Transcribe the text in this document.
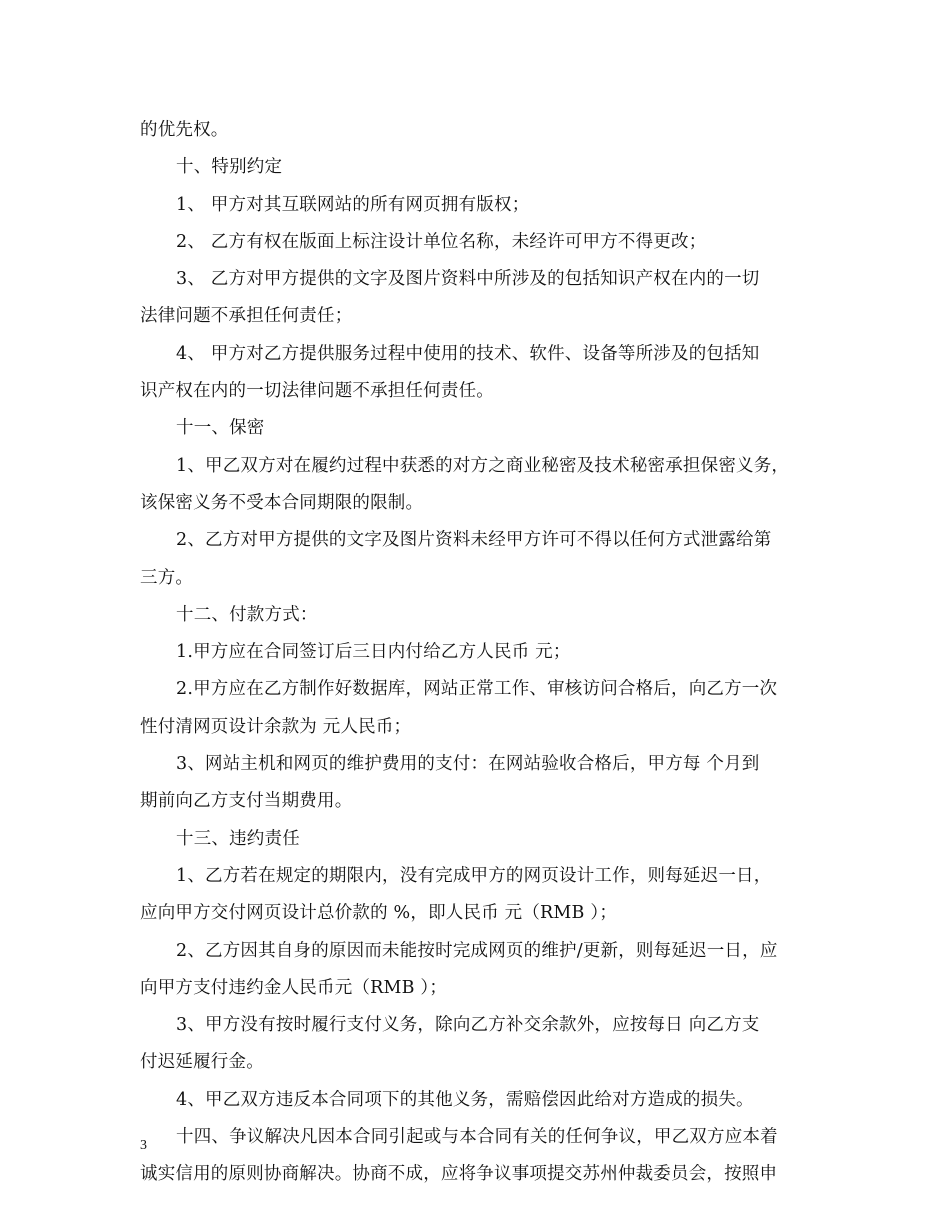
的优先权。
十、特别约定
1、 甲方对其互联网站的所有网页拥有版权；
2、 乙方有权在版面上标注设计单位名称，未经许可甲方不得更改；
3、 乙方对甲方提供的文字及图片资料中所涉及的包括知识产权在内的一切
法律问题不承担任何责任；
4、 甲方对乙方提供服务过程中使用的技术、软件、设备等所涉及的包括知
识产权在内的一切法律问题不承担任何责任。
十一、保密
1、甲乙双方对在履约过程中获悉的对方之商业秘密及技术秘密承担保密义务，
该保密义务不受本合同期限的限制。
2、乙方对甲方提供的文字及图片资料未经甲方许可不得以任何方式泄露给第
三方。
十二、付款方式：
1.甲方应在合同签订后三日内付给乙方人民币 元；
2.甲方应在乙方制作好数据库，网站正常工作、审核访问合格后，向乙方一次
性付清网页设计余款为 元人民币；
3、网站主机和网页的维护费用的支付：在网站验收合格后，甲方每 个月到
期前向乙方支付当期费用。
十三、违约责任
1、乙方若在规定的期限内，没有完成甲方的网页设计工作，则每延迟一日，
应向甲方交付网页设计总价款的 %，即人民币 元（RMB ）；
2、乙方因其自身的原因而未能按时完成网页的维护/更新，则每延迟一日，应
向甲方支付违约金人民币元（RMB ）；
3、甲方没有按时履行支付义务，除向乙方补交余款外，应按每日 向乙方支
付迟延履行金。
4、甲乙双方违反本合同项下的其他义务，需赔偿因此给对方造成的损失。
十四、争议解决凡因本合同引起或与本合同有关的任何争议，甲乙双方应本着
诚实信用的原则协商解决。协商不成，应将争议事项提交苏州仲裁委员会，按照申
3
